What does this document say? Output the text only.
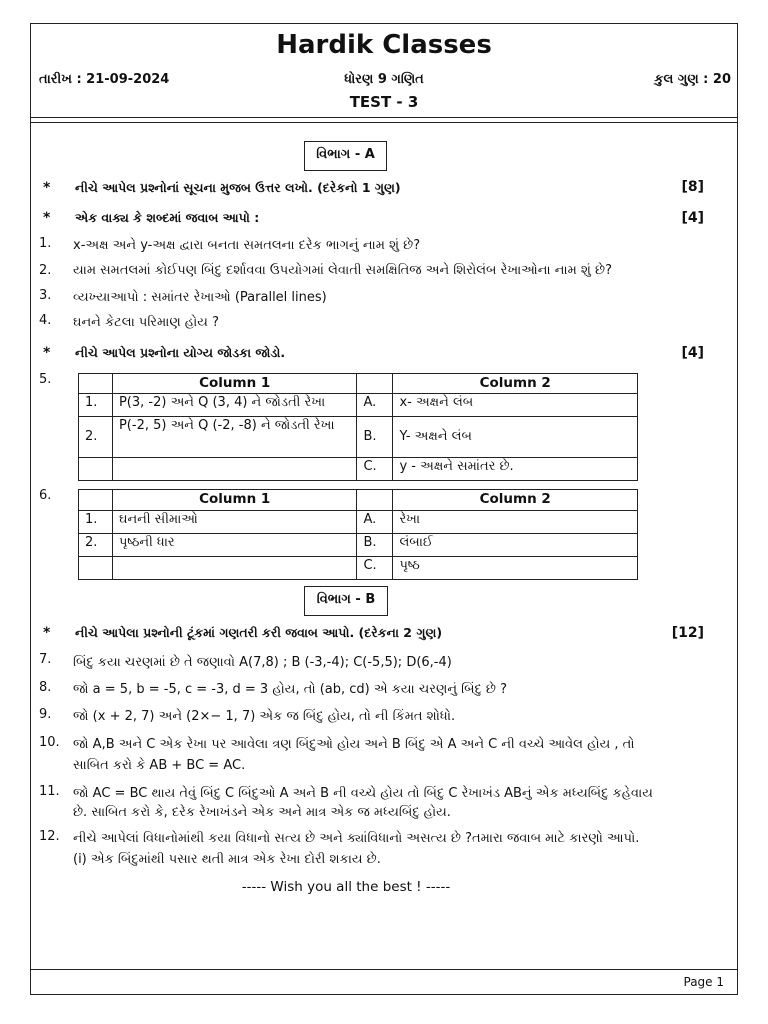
Hardik Classes
તારીખ : 21-09-2024	ધોરણ 9 ગણિત	કુલ ગુણ : 20
TEST - 3
વિભાગ - A
* નીચે આપેલ પ્રશ્નોનાં સૂચના મુજબ ઉત્તર લખો. (દરેકનો 1 ગુણ)	[8]
* એક વાક્ય કે શબ્દમાં જવાબ આપો :	[4]
1. x-અક્ષ અને y-અક્ષ દ્વારા બનતા સમતલના દરેક ભાગનું નામ શું છે?
2. યામ સમતલમાં કોઈપણ બિંદુ દર્શાવવા ઉપયોગમાં લેવાતી સમક્ષિતિજ અને શિરોલંબ રેખાઓના નામ શું છે?
3. વ્યખ્યાઆપો : સમાંતર રેખાઓ (Parallel lines)
4. ઘનને કેટલા પરિમાણ હોય ?
* નીચે આપેલ પ્રશ્નોના યોગ્ય જોડકા જોડો.	[4]
5.
		Column 1		Column 2
1.	P(3, -2) અને Q (3, 4) ને જોડતી રેખા	A.	x- અક્ષને લંબ
2.	P(-2, 5) અને Q (-2, -8) ને જોડતી રેખા	B.	Y- અક્ષને લંબ
		C.	y - અક્ષને સમાંતર છે.
6.
		Column 1		Column 2
1.	ઘનની સીમાઓ	A.	રેખા
2.	પૃષ્ઠની ધાર	B.	લંબાઈ
		C.	પૃષ્ઠ
વિભાગ - B
* નીચે આપેલા પ્રશ્નોની ટૂંકમાં ગણતરી કરી જવાબ આપો. (દરેકના 2 ગુણ)	[12]
7. બિંદુ કયા ચરણમાં છે તે જણાવો A(7,8) ; B (-3,-4); C(-5,5); D(6,-4)
8. જો a = 5, b = -5, c = -3, d = 3 હોય, તો (ab, cd) એ કયા ચરણનું બિંદુ છે ?
9. જો (x + 2, 7) અને (2×− 1, 7) એક જ બિંદુ હોય, તો ની કિંમત શોધો.
10. જો A,B અને C એક રેખા પર આવેલા ત્રણ બિંદુઓ હોય અને B બિંદુ એ A અને C ની વચ્ચે આવેલ હોય , તો
સાબિત કરો કે AB + BC = AC.
11. જો AC = BC થાય તેવું બિંદુ C બિંદુઓ A અને B ની વચ્ચે હોય તો બિંદુ C રેખાખંડ ABનું એક મધ્યબિંદુ કહેવાય
છે. સાબિત કરો કે, દરેક રેખાખંડને એક અને માત્ર એક જ મધ્યબિંદુ હોય.
12. નીચે આપેલાં વિધાનોમાંથી કયા વિધાનો સત્ય છે અને ક્યાંવિધાનો અસત્ય છે ?તમારા જવાબ માટે કારણો આપો.
(i) એક બિંદુમાંથી પસાર થતી માત્ર એક રેખા દોરી શકાય છે.
----- Wish you all the best ! -----
Page 1
